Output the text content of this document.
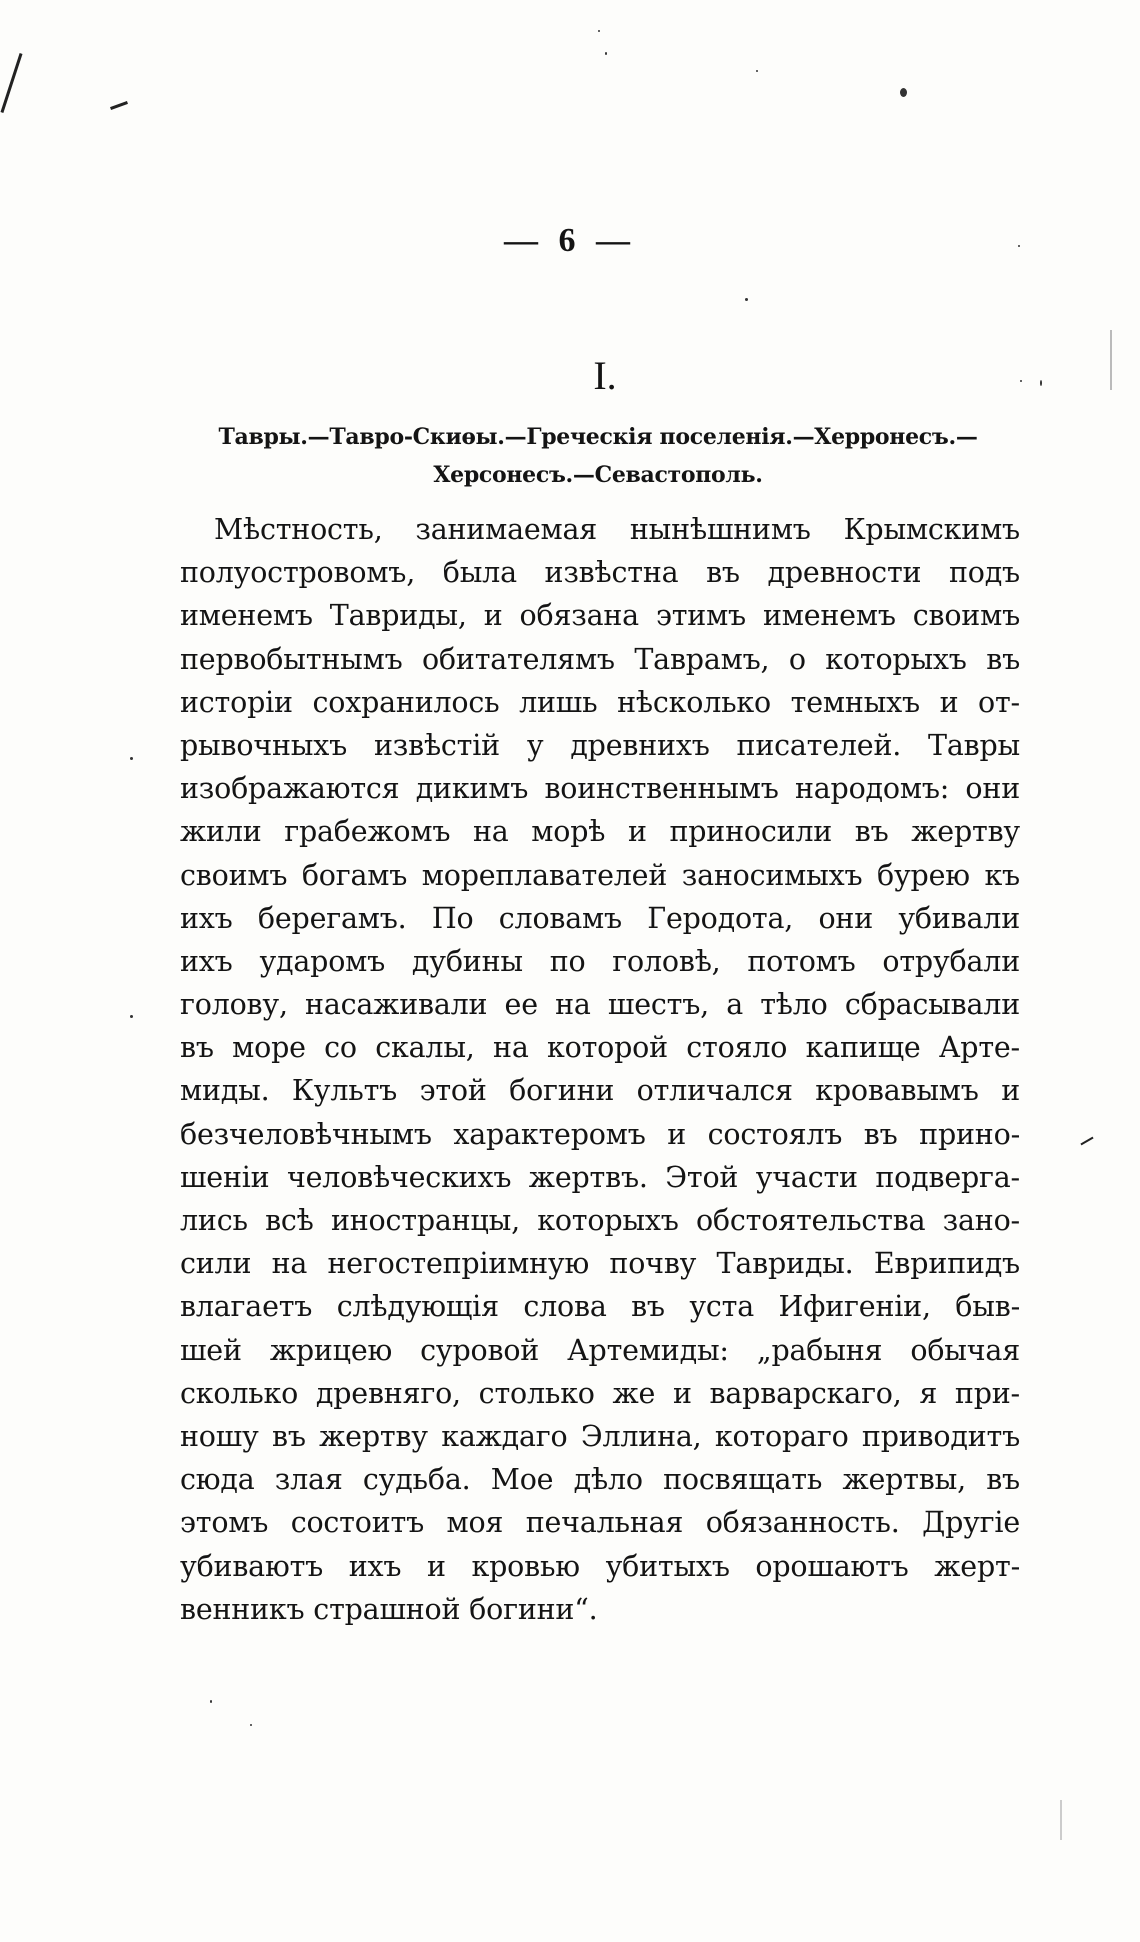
— 6 —
I.
Тавры.—Тавро-Скиѳы.—Греческія поселенія.—Херронесъ.—
Херсонесъ.—Севастополь.
Мѣстность, занимаемая нынѣшнимъ Крымскимъ
полуостровомъ, была извѣстна въ древности подъ
именемъ Тавриды, и обязана этимъ именемъ своимъ
первобытнымъ обитателямъ Таврамъ, о которыхъ въ
исторіи сохранилось лишь нѣсколько темныхъ и от-
рывочныхъ извѣстій у древнихъ писателей. Тавры
изображаются дикимъ воинственнымъ народомъ: они
жили грабежомъ на морѣ и приносили въ жертву
своимъ богамъ мореплавателей заносимыхъ бурею къ
ихъ берегамъ. По словамъ Геродота, они убивали
ихъ ударомъ дубины по головѣ, потомъ отрубали
голову, насаживали ее на шестъ, а тѣло сбрасывали
въ море со скалы, на которой стояло капище Арте-
миды. Культъ этой богини отличался кровавымъ и
безчеловѣчнымъ характеромъ и состоялъ въ прино-
шеніи человѣческихъ жертвъ. Этой участи подверга-
лись всѣ иностранцы, которыхъ обстоятельства зано-
сили на негостепріимную почву Тавриды. Еврипидъ
влагаетъ слѣдующія слова въ уста Ифигеніи, быв-
шей жрицею суровой Артемиды: „рабыня обычая
сколько древняго, столько же и варварскаго, я при-
ношу въ жертву каждаго Эллина, котораго приводитъ
сюда злая судьба. Мое дѣло посвящать жертвы, въ
этомъ состоитъ моя печальная обязанность. Другіе
убиваютъ ихъ и кровью убитыхъ орошаютъ жерт-
венникъ страшной богини“.
